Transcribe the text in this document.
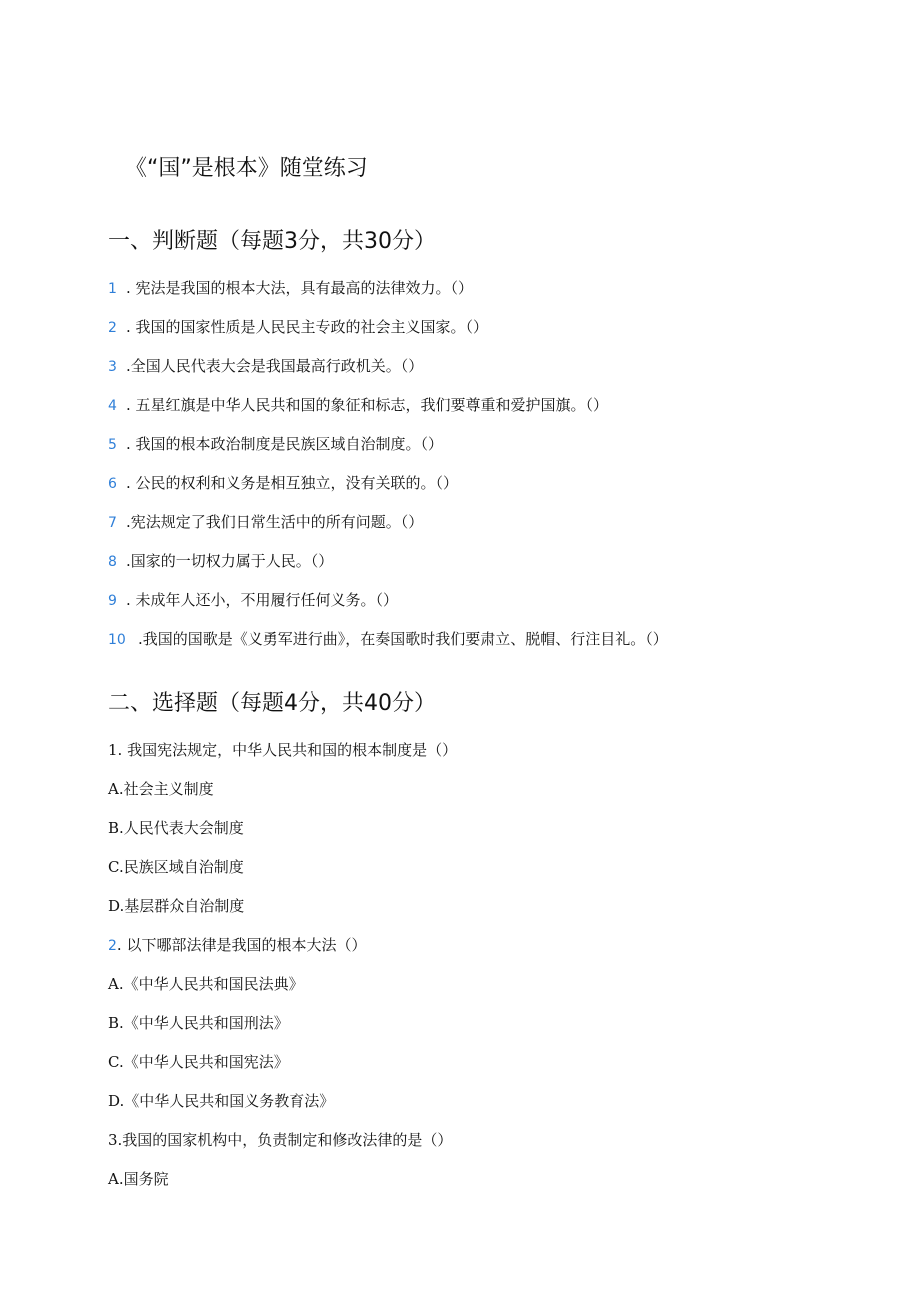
《“国”是根本》随堂练习
一、判断题（每题3分，共30分）
1 . 宪法是我国的根本大法，具有最高的法律效力。（）
2 . 我国的国家性质是人民民主专政的社会主义国家。（）
3 .全国人民代表大会是我国最高行政机关。（）
4 . 五星红旗是中华人民共和国的象征和标志，我们要尊重和爱护国旗。（）
5 . 我国的根本政治制度是民族区域自治制度。（）
6 . 公民的权利和义务是相互独立，没有关联的。（）
7 .宪法规定了我们日常生活中的所有问题。（）
8 .国家的一切权力属于人民。（）
9 . 未成年人还小，不用履行任何义务。（）
10 .我国的国歌是《义勇军进行曲》，在奏国歌时我们要肃立、脱帽、行注目礼。（）
二、选择题（每题4分，共40分）
1. 我国宪法规定，中华人民共和国的根本制度是（）
A.社会主义制度
B.人民代表大会制度
C.民族区域自治制度
D.基层群众自治制度
2. 以下哪部法律是我国的根本大法（）
A.《中华人民共和国民法典》
B.《中华人民共和国刑法》
C.《中华人民共和国宪法》
D.《中华人民共和国义务教育法》
3.我国的国家机构中，负责制定和修改法律的是（）
A.国务院
